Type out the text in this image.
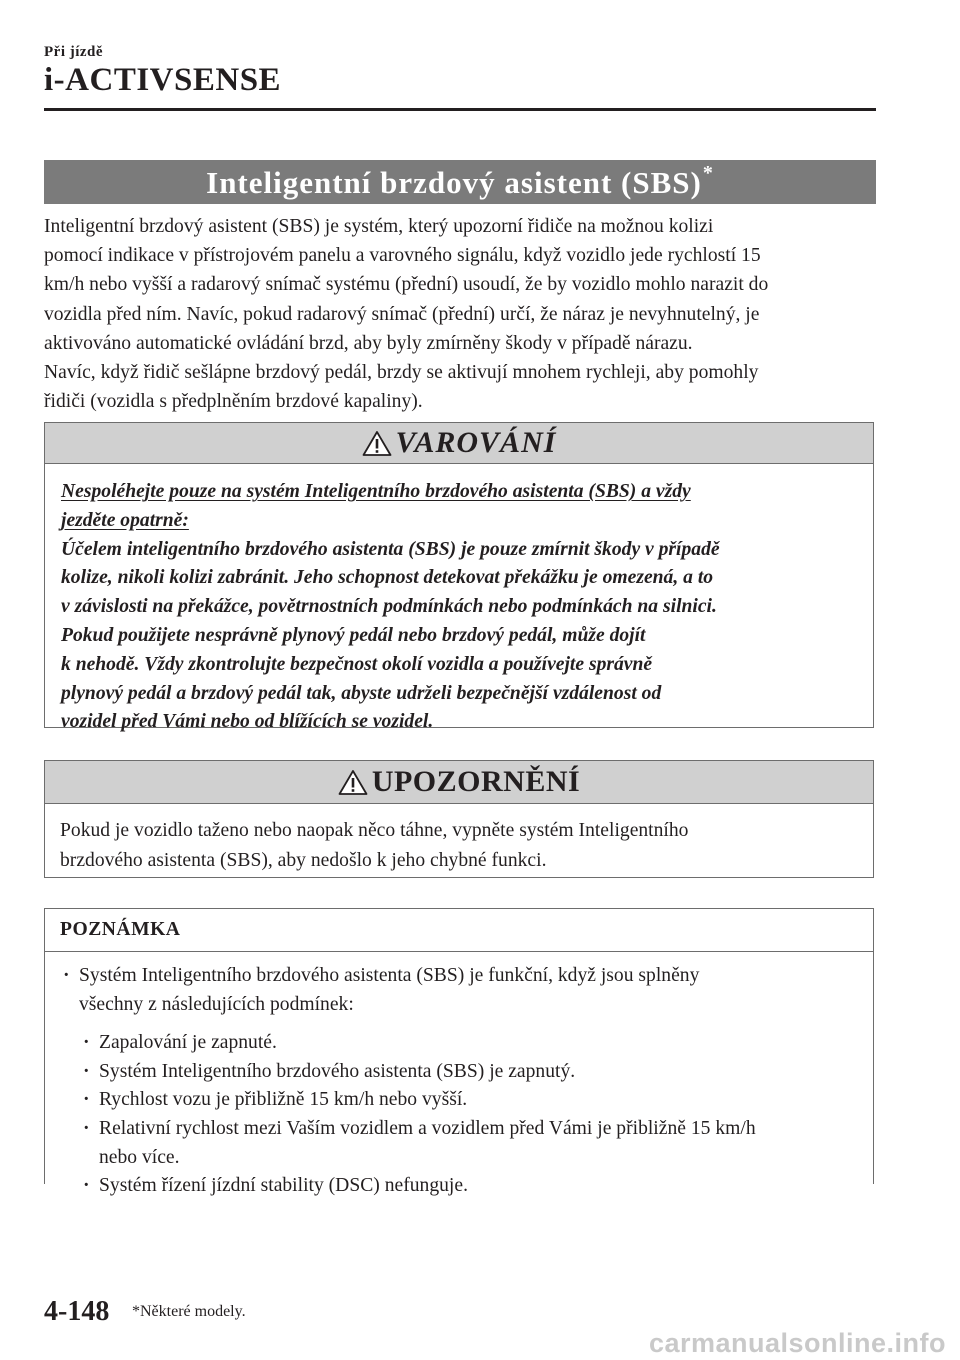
Při jízdě
i-ACTIVSENSE
Inteligentní brzdový asistent (SBS)*

Inteligentní brzdový asistent (SBS) je systém, který upozorní řidiče na možnou kolizi
pomocí indikace v přístrojovém panelu a varovného signálu, když vozidlo jede rychlostí 15
km/h nebo vyšší a radarový snímač systému (přední) usoudí, že by vozidlo mohlo narazit do
vozidla před ním. Navíc, pokud radarový snímač (přední) určí, že náraz je nevyhnutelný, je
aktivováno automatické ovládání brzd, aby byly zmírněny škody v případě nárazu.
Navíc, když řidič sešlápne brzdový pedál, brzdy se aktivují mnohem rychleji, aby pomohly
řidiči (vozidla s předplněním brzdové kapaliny).

VAROVÁNÍ

Nespoléhejte pouze na systém Inteligentního brzdového asistenta (SBS) a vždy
jezděte opatrně:

Účelem inteligentního brzdového asistenta (SBS) je pouze zmírnit škody v případě
kolize, nikoli kolizi zabránit. Jeho schopnost detekovat překážku je omezená, a to
v závislosti na překážce, povětrnostních podmínkách nebo podmínkách na silnici.
Pokud použijete nesprávně plynový pedál nebo brzdový pedál, může dojít
k nehodě. Vždy zkontrolujte bezpečnost okolí vozidla a používejte správně
plynový pedál a brzdový pedál tak, abyste udrželi bezpečnější vzdálenost od
vozidel před Vámi nebo od blížících se vozidel.

UPOZORNĚNÍ

Pokud je vozidlo taženo nebo naopak něco táhne, vypněte systém Inteligentního
brzdového asistenta (SBS), aby nedošlo k jeho chybné funkci.

POZNÁMKA
· Systém Inteligentního brzdového asistenta (SBS) je funkční, když jsou splněny
všechny z následujících podmínek:
· Zapalování je zapnuté.
· Systém Inteligentního brzdového asistenta (SBS) je zapnutý.
· Rychlost vozu je přibližně 15 km/h nebo vyšší.
· Relativní rychlost mezi Vaším vozidlem a vozidlem před Vámi je přibližně 15 km/h
nebo více.
· Systém řízení jízdní stability (DSC) nefunguje.
4-148 *Některé modely.
carmanualsonline.info
